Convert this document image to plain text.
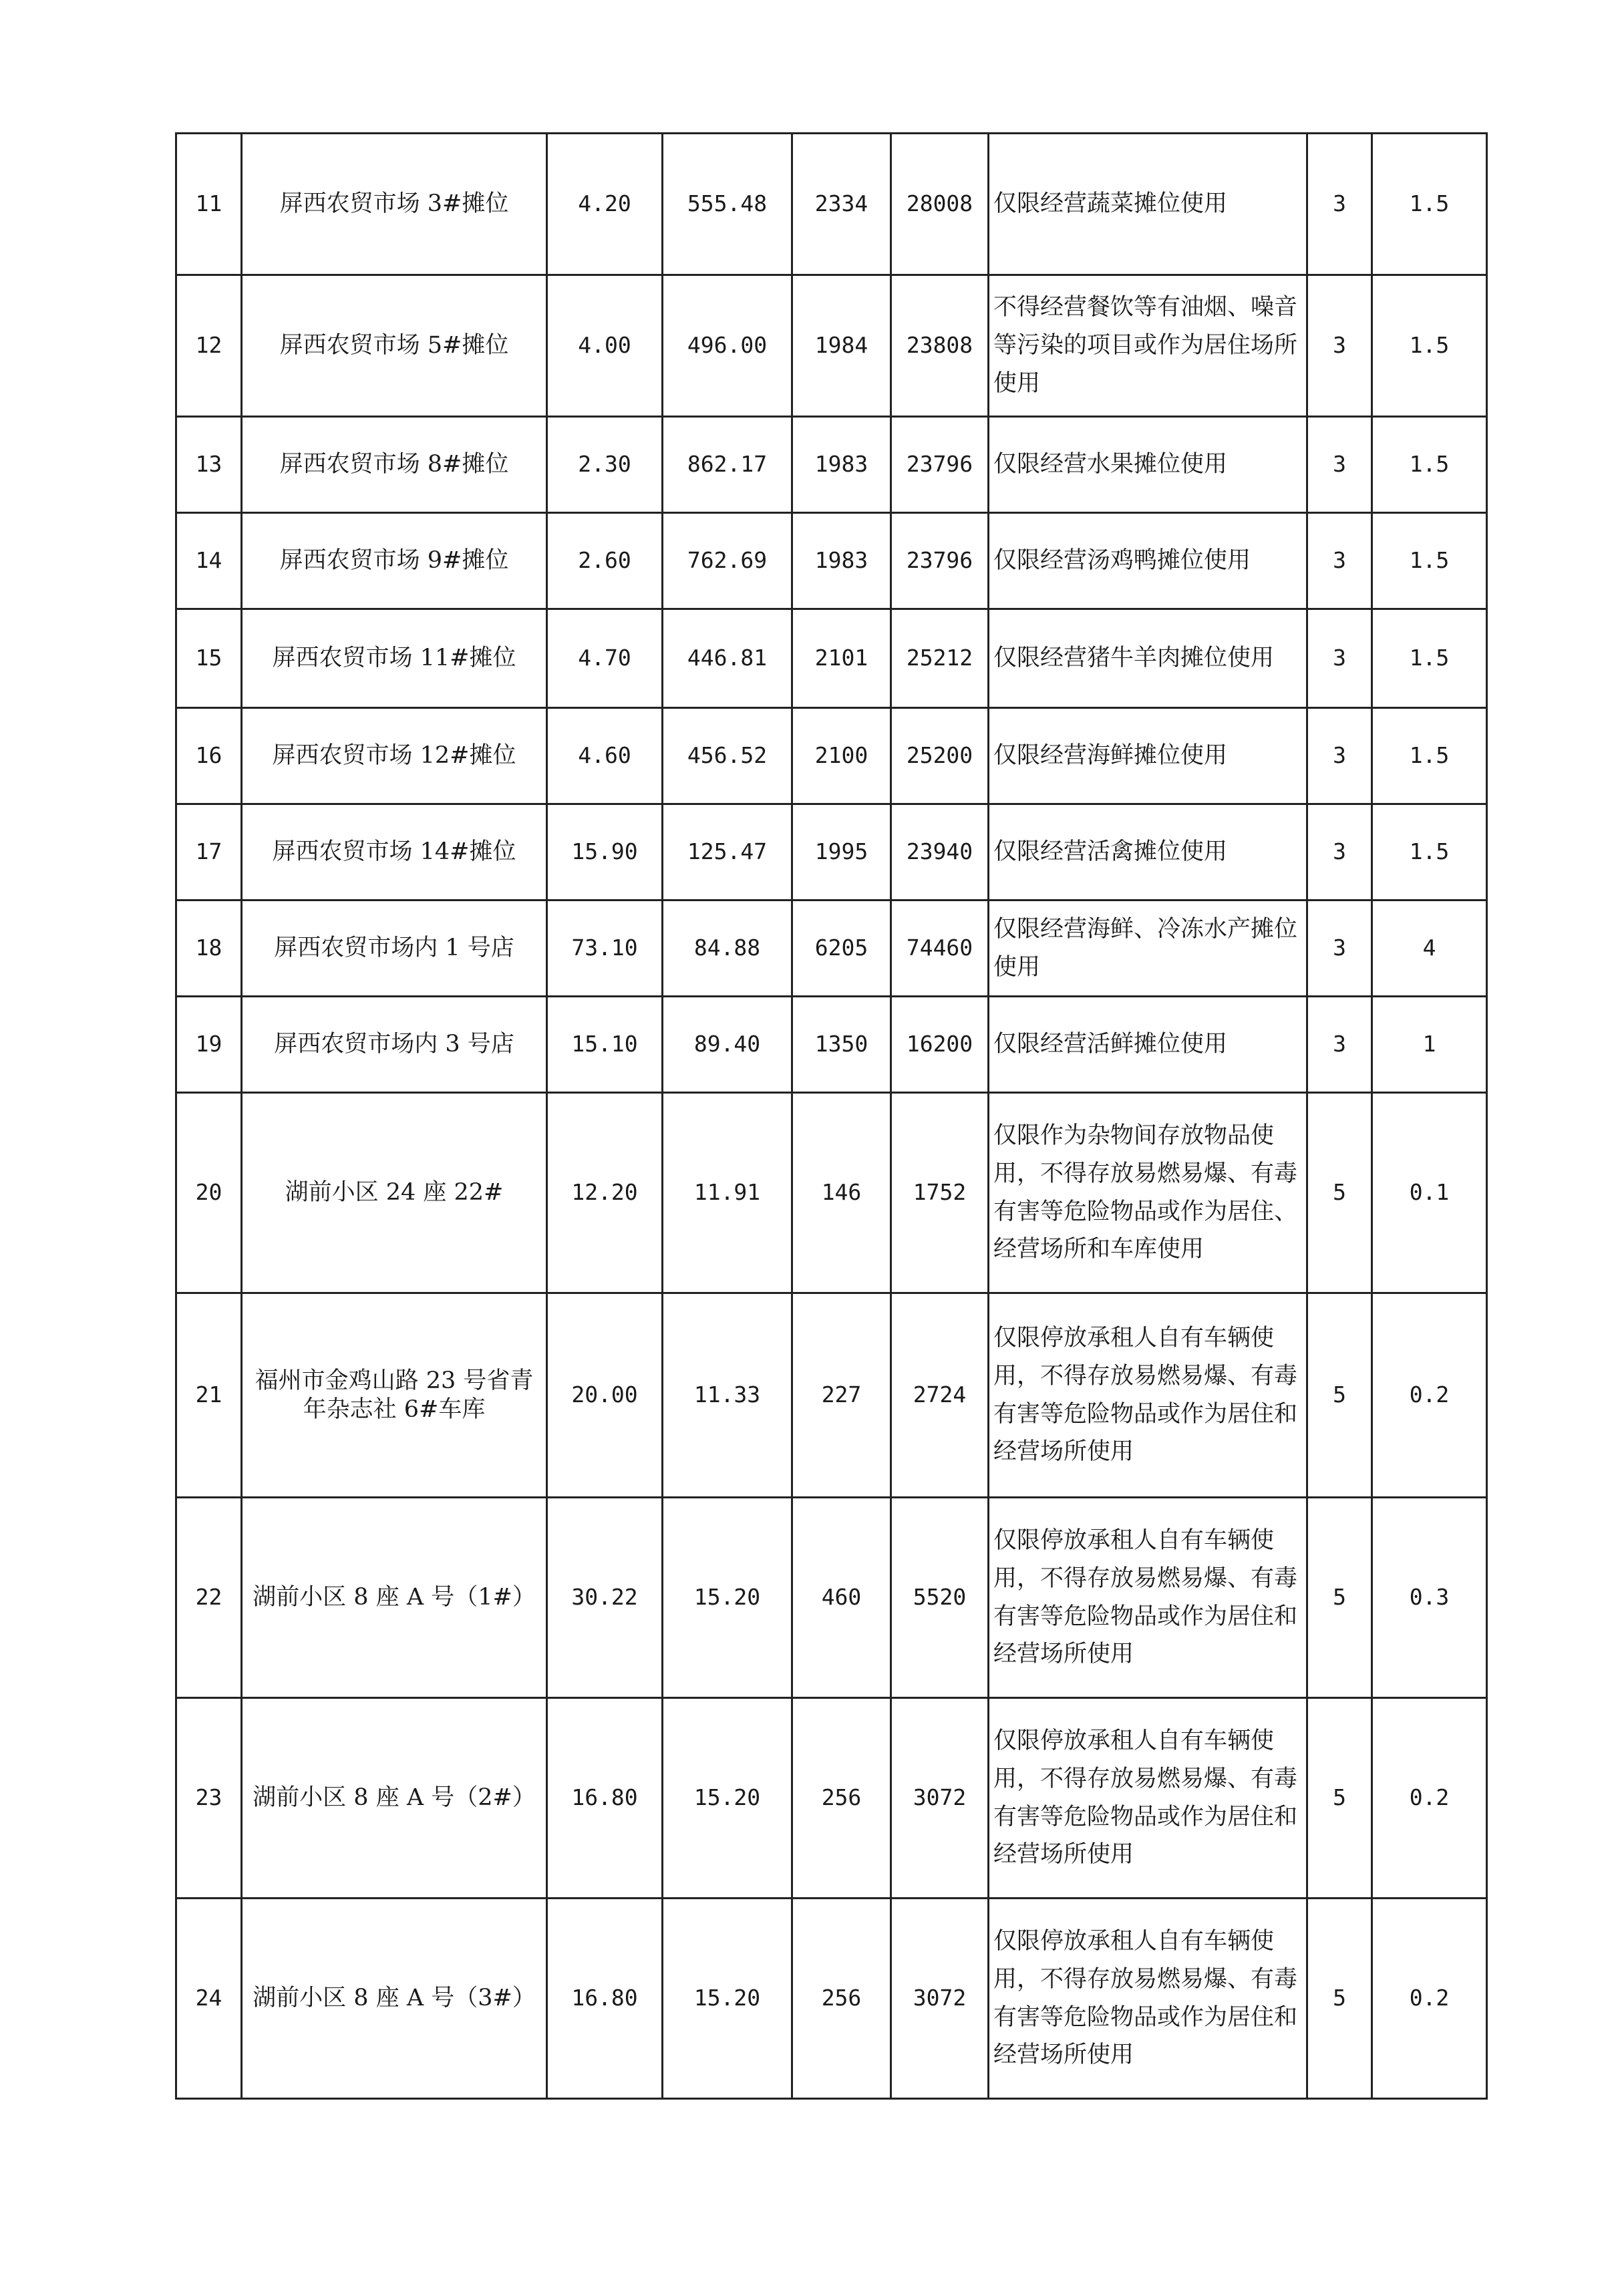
11	屏西农贸市场 3#摊位	4.20	555.48	2334	28008	仅限经营蔬菜摊位使用	3	1.5
12	屏西农贸市场 5#摊位	4.00	496.00	1984	23808	不得经营餐饮等有油烟、噪音等污染的项目或作为居住场所使用	3	1.5
13	屏西农贸市场 8#摊位	2.30	862.17	1983	23796	仅限经营水果摊位使用	3	1.5
14	屏西农贸市场 9#摊位	2.60	762.69	1983	23796	仅限经营汤鸡鸭摊位使用	3	1.5
15	屏西农贸市场 11#摊位	4.70	446.81	2101	25212	仅限经营猪牛羊肉摊位使用	3	1.5
16	屏西农贸市场 12#摊位	4.60	456.52	2100	25200	仅限经营海鲜摊位使用	3	1.5
17	屏西农贸市场 14#摊位	15.90	125.47	1995	23940	仅限经营活禽摊位使用	3	1.5
18	屏西农贸市场内 1 号店	73.10	84.88	6205	74460	仅限经营海鲜、冷冻水产摊位使用	3	4
19	屏西农贸市场内 3 号店	15.10	89.40	1350	16200	仅限经营活鲜摊位使用	3	1
20	湖前小区 24 座 22#	12.20	11.91	146	1752	仅限作为杂物间存放物品使用，不得存放易燃易爆、有毒有害等危险物品或作为居住、经营场所和车库使用	5	0.1
21	福州市金鸡山路 23 号省青年杂志社 6#车库	20.00	11.33	227	2724	仅限停放承租人自有车辆使用，不得存放易燃易爆、有毒有害等危险物品或作为居住和经营场所使用	5	0.2
22	湖前小区 8 座 A 号（1#）	30.22	15.20	460	5520	仅限停放承租人自有车辆使用，不得存放易燃易爆、有毒有害等危险物品或作为居住和经营场所使用	5	0.3
23	湖前小区 8 座 A 号（2#）	16.80	15.20	256	3072	仅限停放承租人自有车辆使用，不得存放易燃易爆、有毒有害等危险物品或作为居住和经营场所使用	5	0.2
24	湖前小区 8 座 A 号（3#）	16.80	15.20	256	3072	仅限停放承租人自有车辆使用，不得存放易燃易爆、有毒有害等危险物品或作为居住和经营场所使用	5	0.2
